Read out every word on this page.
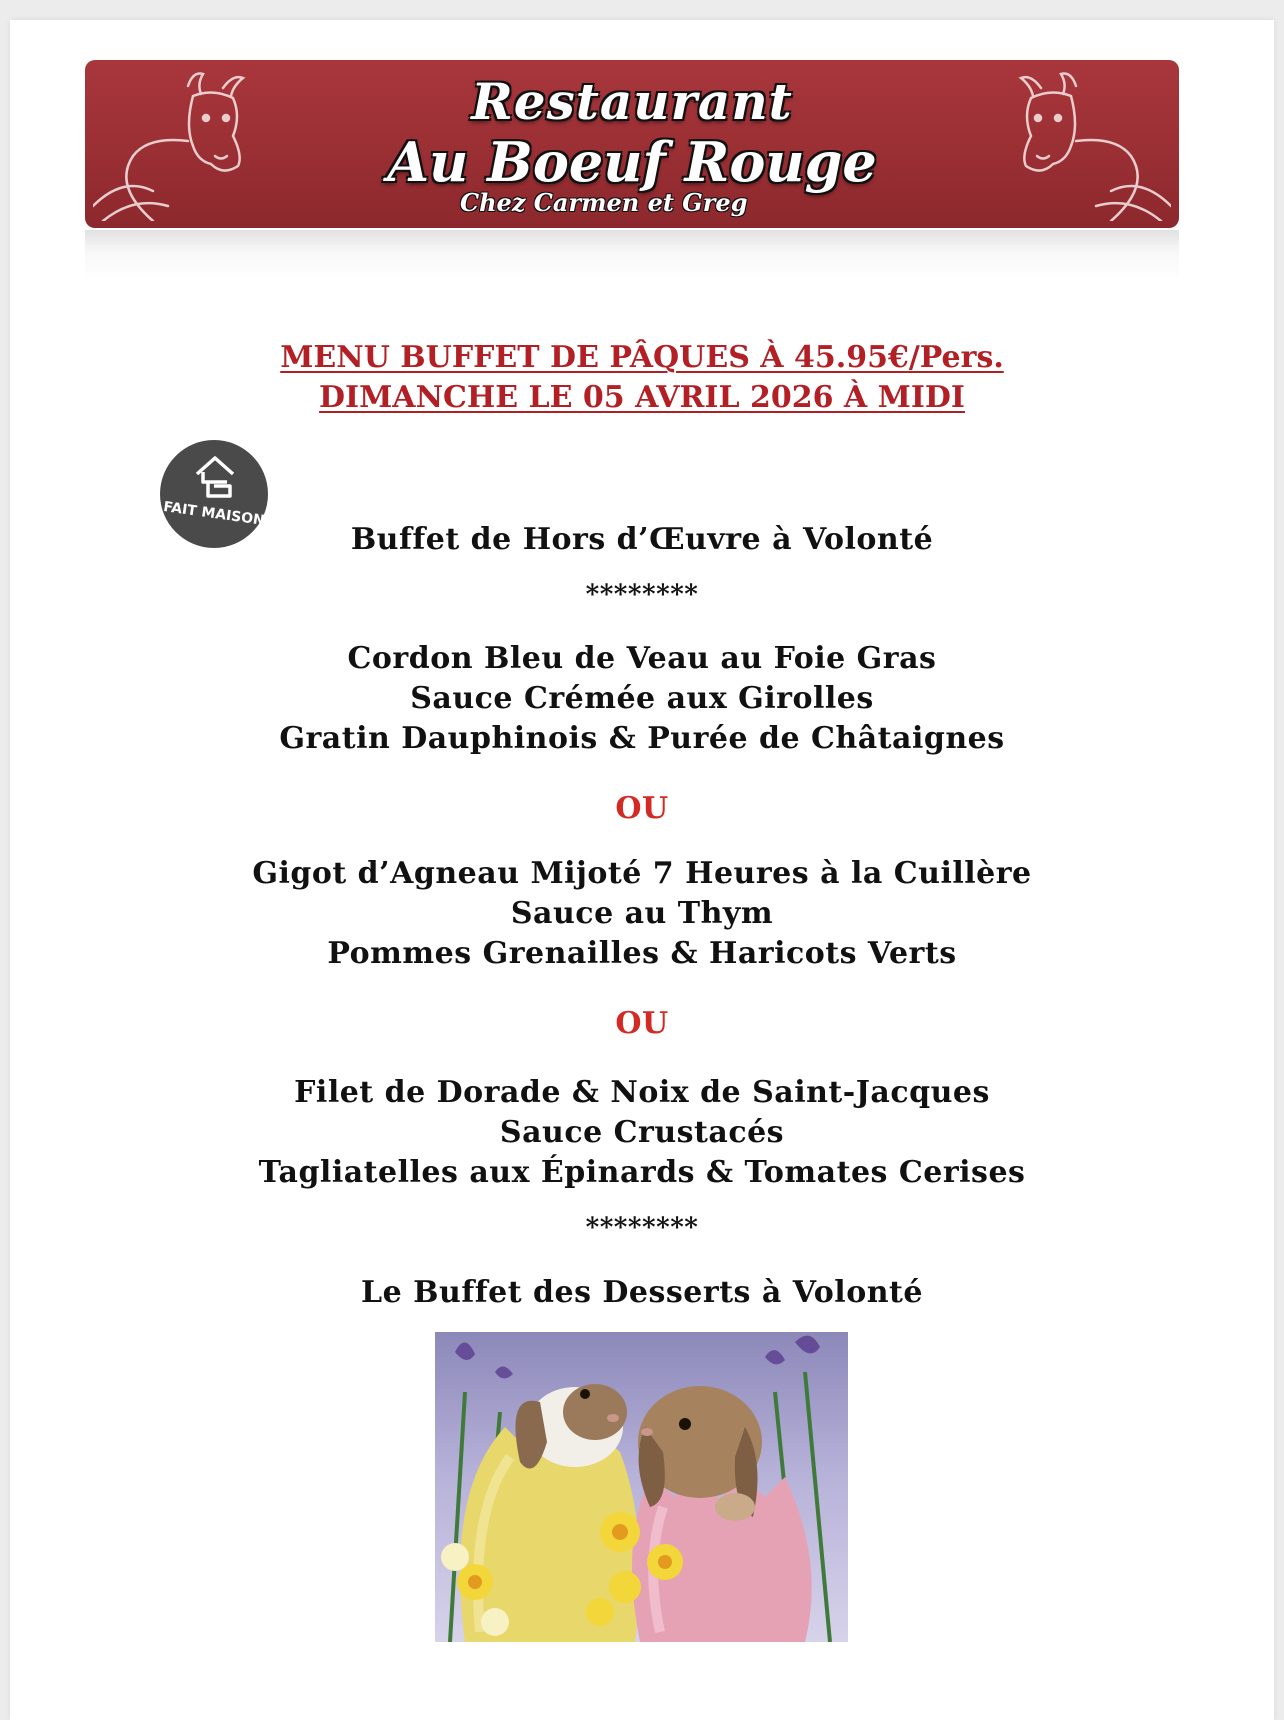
Restaurant
Au Boeuf Rouge
Chez Carmen et Greg
MENU BUFFET DE PÂQUES À 45.95€/Pers.
DIMANCHE LE 05 AVRIL 2026 À MIDI
FAIT MAISON
Buffet de Hors d’Œuvre à Volonté
********
Cordon Bleu de Veau au Foie Gras
Sauce Crémée aux Girolles
Gratin Dauphinois & Purée de Châtaignes
OU
Gigot d’Agneau Mijoté 7 Heures à la Cuillère
Sauce au Thym
Pommes Grenailles & Haricots Verts
OU
Filet de Dorade & Noix de Saint-Jacques
Sauce Crustacés
Tagliatelles aux Épinards & Tomates Cerises
********
Le Buffet des Desserts à Volonté
